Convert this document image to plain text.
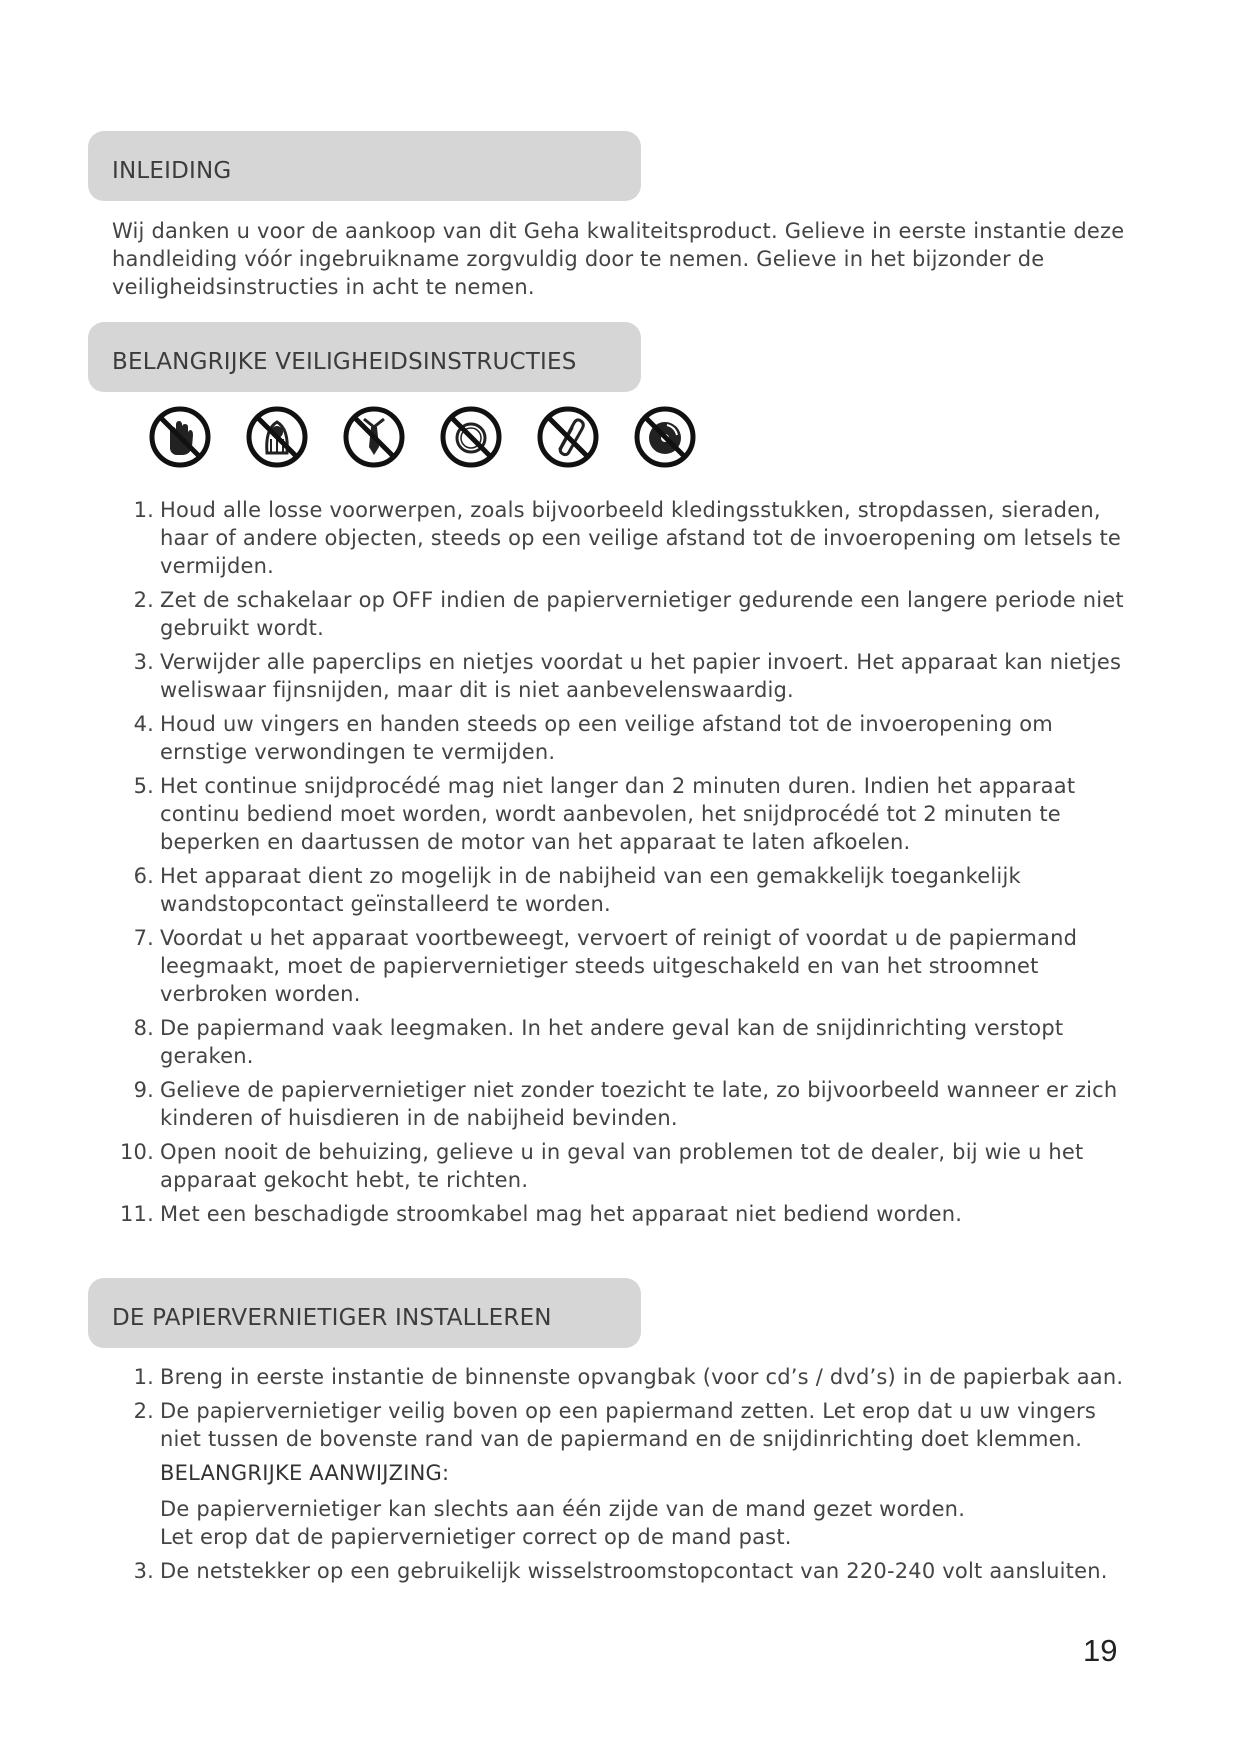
INLEIDING
Wij danken u voor de aankoop van dit Geha kwaliteitsproduct. Gelieve in eerste instantie deze handleiding vóór ingebruikname zorgvuldig door te nemen. Gelieve in het bijzonder de veiligheidsinstructies in acht te nemen.
BELANGRIJKE VEILIGHEIDSINSTRUCTIES
1. Houd alle losse voorwerpen, zoals bijvoorbeeld kledingsstukken, stropdassen, sieraden, haar of andere objecten, steeds op een veilige afstand tot de invoeropening om letsels te vermijden.
2. Zet de schakelaar op OFF indien de papiervernietiger gedurende een langere periode niet gebruikt wordt.
3. Verwijder alle paperclips en nietjes voordat u het papier invoert. Het apparaat kan nietjes weliswaar fijnsnijden, maar dit is niet aanbevelenswaardig.
4. Houd uw vingers en handen steeds op een veilige afstand tot de invoeropening om ernstige verwondingen te vermijden.
5. Het continue snijdprocédé mag niet langer dan 2 minuten duren. Indien het apparaat continu bediend moet worden, wordt aanbevolen, het snijdprocédé tot 2 minuten te beperken en daartussen de motor van het apparaat te laten afkoelen.
6. Het apparaat dient zo mogelijk in de nabijheid van een gemakkelijk toegankelijk wandstopcontact geïnstalleerd te worden.
7. Voordat u het apparaat voortbeweegt, vervoert of reinigt of voordat u de papiermand leegmaakt, moet de papiervernietiger steeds uitgeschakeld en van het stroomnet verbroken worden.
8. De papiermand vaak leegmaken. In het andere geval kan de snijdinrichting verstopt geraken.
9. Gelieve de papiervernietiger niet zonder toezicht te late, zo bijvoorbeeld wanneer er zich kinderen of huisdieren in de nabijheid bevinden.
10. Open nooit de behuizing, gelieve u in geval van problemen tot de dealer, bij wie u het apparaat gekocht hebt, te richten.
11. Met een beschadigde stroomkabel mag het apparaat niet bediend worden.
DE PAPIERVERNIETIGER INSTALLEREN
1. Breng in eerste instantie de binnenste opvangbak (voor cd’s / dvd’s) in de papierbak aan.
2. De papiervernietiger veilig boven op een papiermand zetten. Let erop dat u uw vingers niet tussen de bovenste rand van de papiermand en de snijdinrichting doet klemmen.
BELANGRIJKE AANWIJZING:
De papiervernietiger kan slechts aan één zijde van de mand gezet worden.
Let erop dat de papiervernietiger correct op de mand past.
3. De netstekker op een gebruikelijk wisselstroomstopcontact van 220-240 volt aansluiten.
19
